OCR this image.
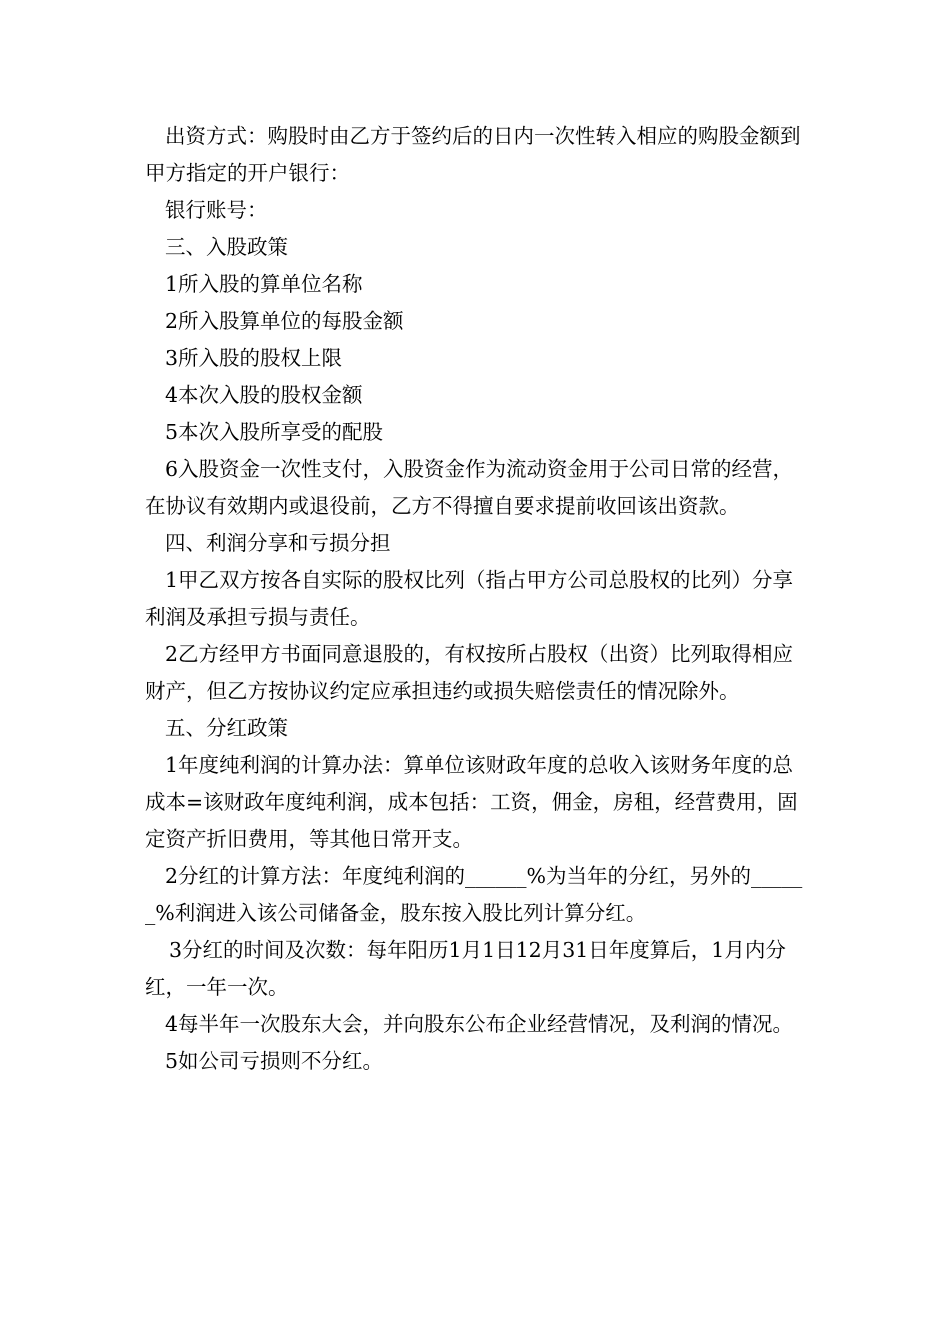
出资方式：购股时由乙方于签约后的日内一次性转入相应的购股金额到甲方指定的开户银行：

银行账号：

三、入股政策

1所入股的算单位名称

2所入股算单位的每股金额

3所入股的股权上限

4本次入股的股权金额

5本次入股所享受的配股

6入股资金一次性支付，入股资金作为流动资金用于公司日常的经营，在协议有效期内或退役前，乙方不得擅自要求提前收回该出资款。

四、利润分享和亏损分担

1甲乙双方按各自实际的股权比列（指占甲方公司总股权的比列）分享利润及承担亏损与责任。

2乙方经甲方书面同意退股的，有权按所占股权（出资）比列取得相应财产，但乙方按协议约定应承担违约或损失赔偿责任的情况除外。

五、分红政策

1年度纯利润的计算办法：算单位该财政年度的总收入该财务年度的总成本=该财政年度纯利润，成本包括：工资，佣金，房租，经营费用，固定资产折旧费用，等其他日常开支。

2分红的计算方法：年度纯利润的______%为当年的分红，另外的______%利润进入该公司储备金，股东按入股比列计算分红。

3分红的时间及次数：每年阳历1月1日12月31日年度算后，1月内分红，一年一次。

4每半年一次股东大会，并向股东公布企业经营情况，及利润的情况。

5如公司亏损则不分红。
